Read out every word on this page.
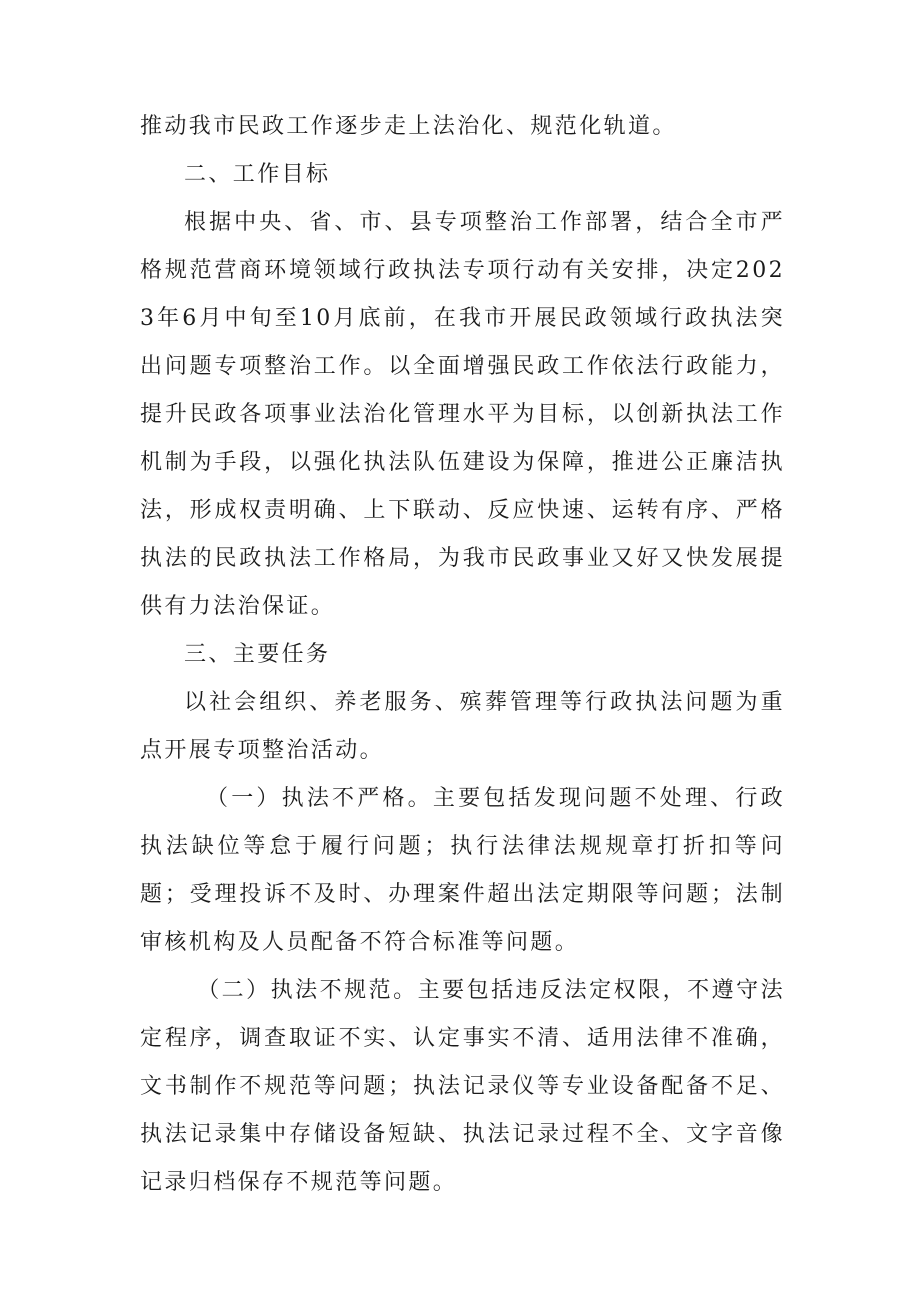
推动我市民政工作逐步走上法治化、规范化轨道。

二、工作目标

根据中央、省、市、县专项整治工作部署，结合全市严格规范营商环境领域行政执法专项行动有关安排，决定2023年6月中旬至10月底前，在我市开展民政领域行政执法突出问题专项整治工作。以全面增强民政工作依法行政能力，提升民政各项事业法治化管理水平为目标，以创新执法工作机制为手段，以强化执法队伍建设为保障，推进公正廉洁执法，形成权责明确、上下联动、反应快速、运转有序、严格执法的民政执法工作格局，为我市民政事业又好又快发展提供有力法治保证。

三、主要任务

以社会组织、养老服务、殡葬管理等行政执法问题为重点开展专项整治活动。

（一）执法不严格。主要包括发现问题不处理、行政执法缺位等怠于履行问题；执行法律法规规章打折扣等问题；受理投诉不及时、办理案件超出法定期限等问题；法制审核机构及人员配备不符合标准等问题。

（二）执法不规范。主要包括违反法定权限，不遵守法定程序，调查取证不实、认定事实不清、适用法律不准确，文书制作不规范等问题；执法记录仪等专业设备配备不足、执法记录集中存储设备短缺、执法记录过程不全、文字音像记录归档保存不规范等问题。
